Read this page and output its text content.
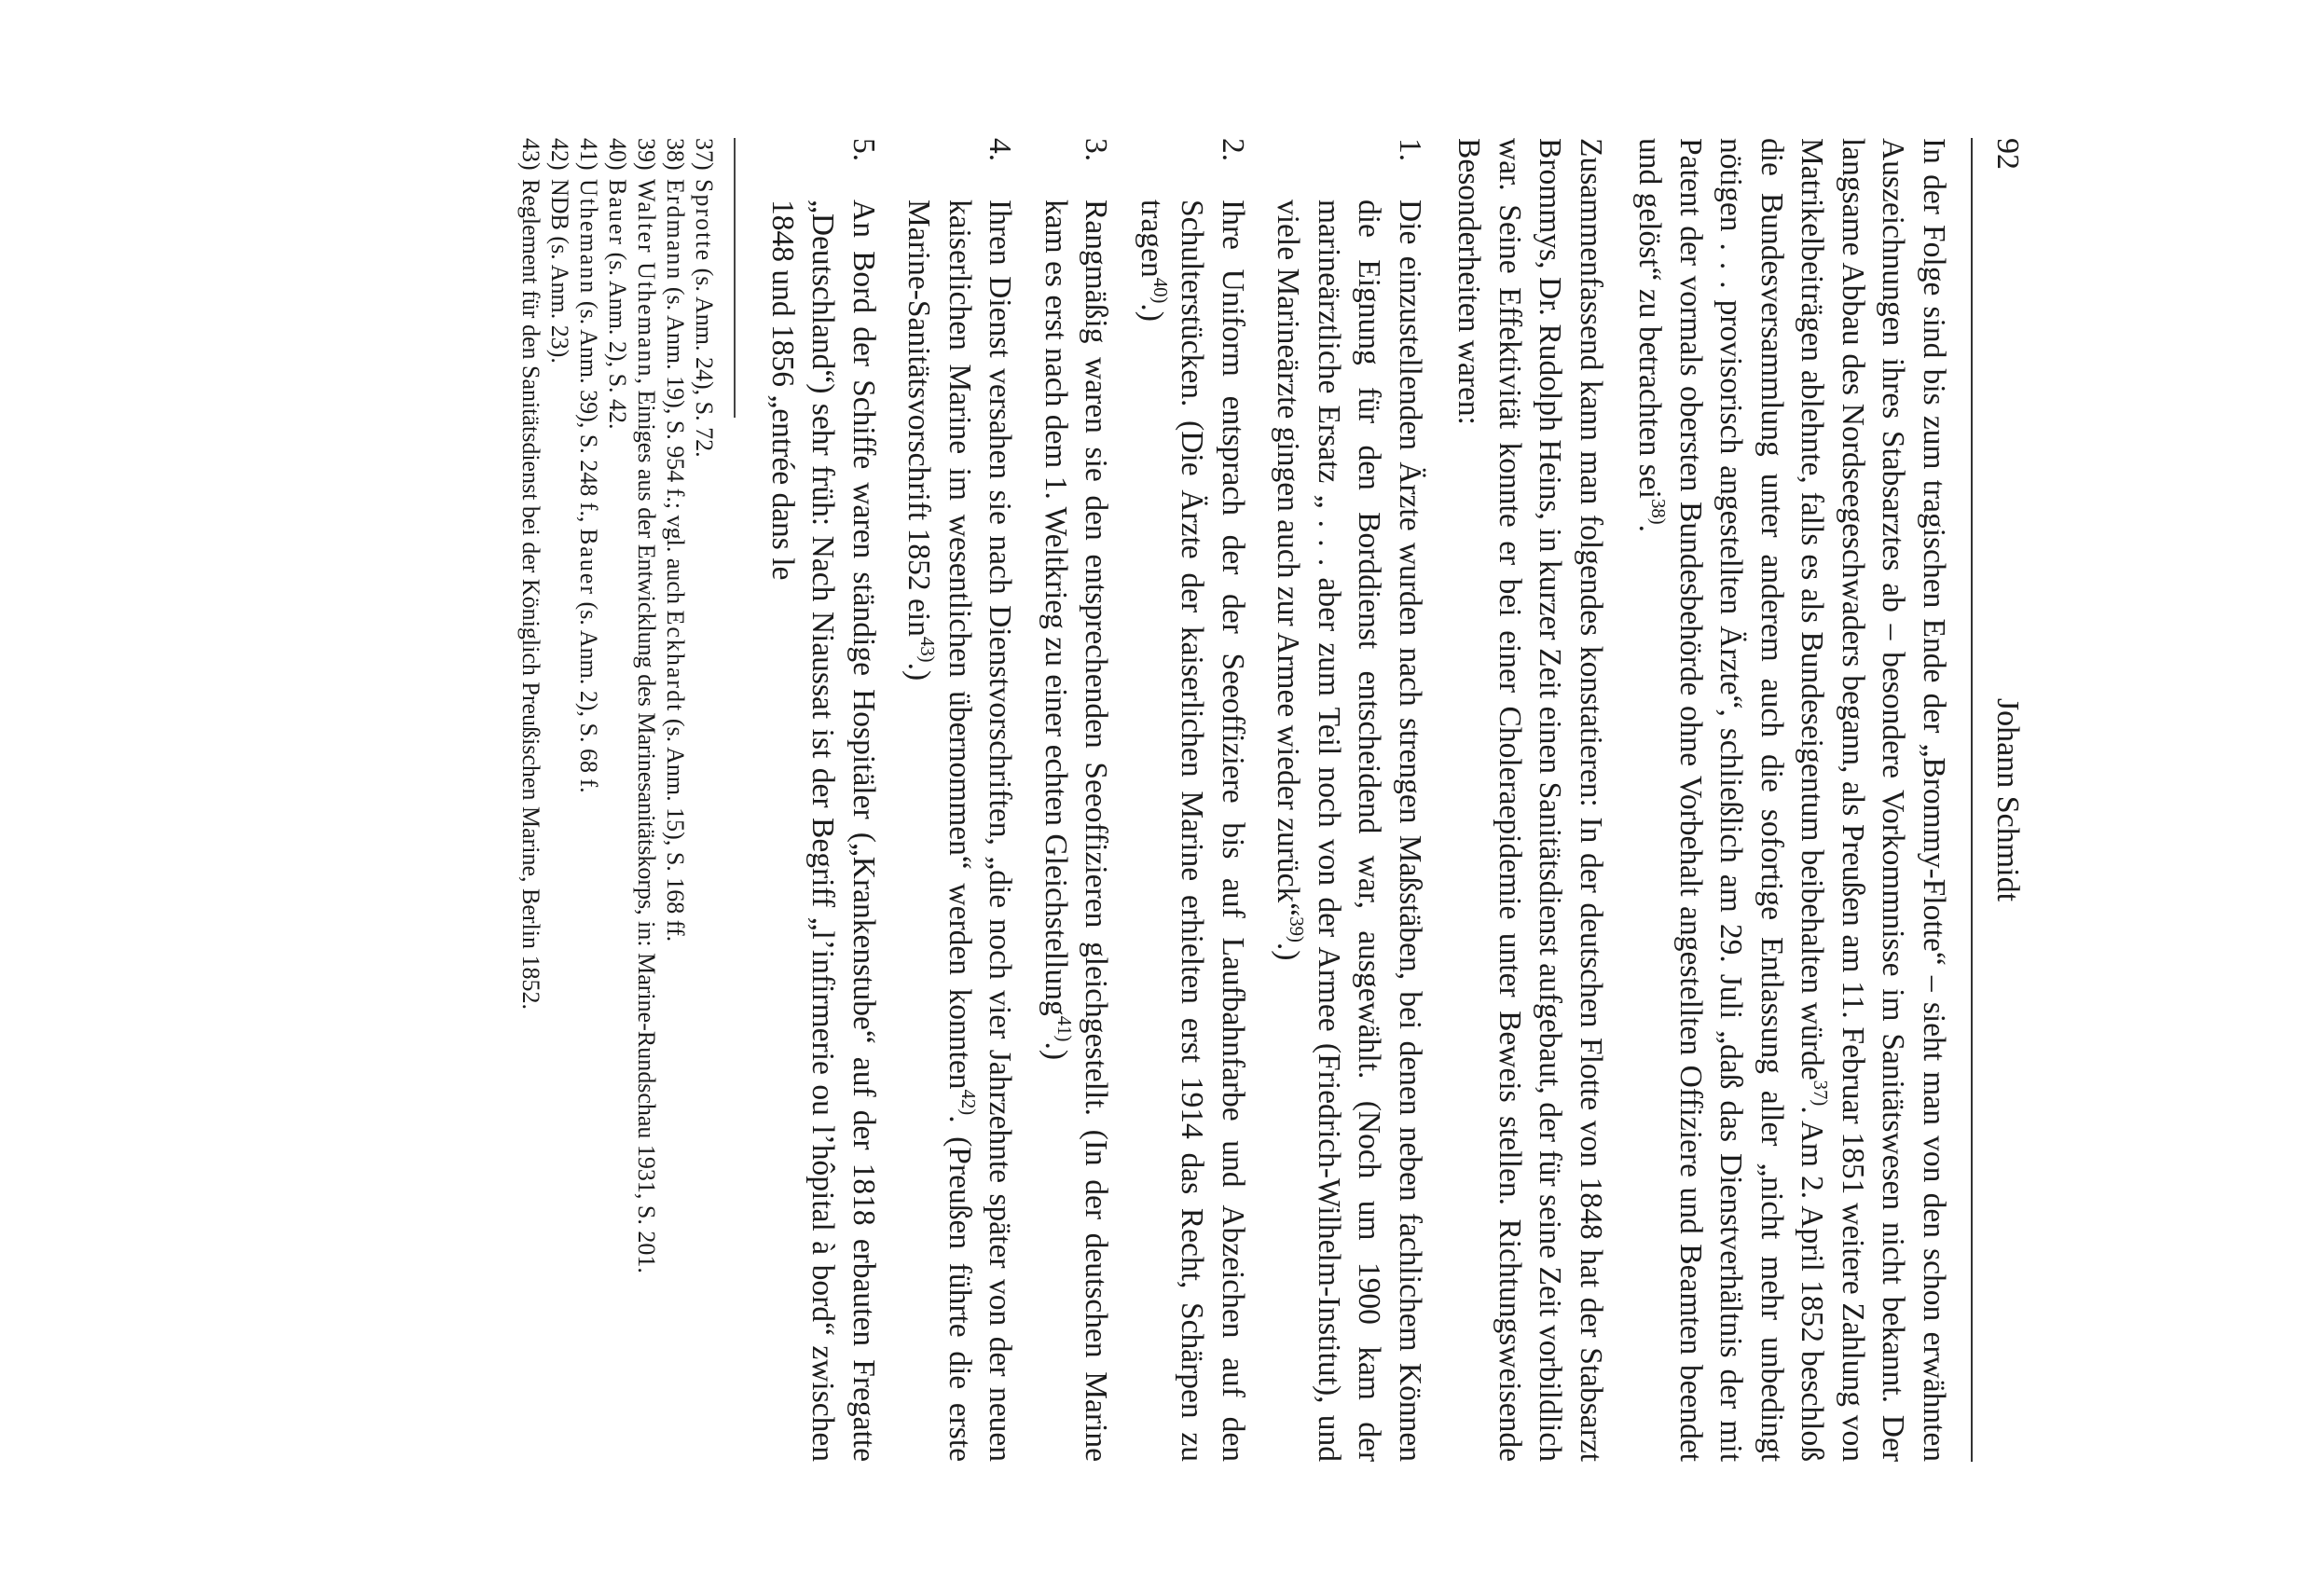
92
Johann Schmidt

In der Folge sind bis zum tragischen Ende der „Brommy-Flotte“ – sieht man von den schon erwähnten Auszeichnungen ihres Stabsarztes ab – besondere Vorkommnisse im Sanitätswesen nicht bekannt. Der langsame Abbau des Nordseegeschwaders begann, als Preußen am 11. Februar 1851 weitere Zahlung von Matrikelbeiträgen ablehnte, falls es als Bundeseigentum beibehalten würde$^{37)}$. Am 2. April 1852 beschloß die Bundesversammlung unter anderem auch die sofortige Entlassung aller „nicht mehr unbedingt nötigen . . . provisorisch angestellten Ärzte“, schließlich am 29. Juli „daß das Dienstverhältnis der mit Patent der vormals obersten Bundesbehörde ohne Vorbehalt angestellten Offiziere und Beamten beendet und gelöst“ zu betrachten sei$^{38)}$.

Zusammenfassend kann man folgendes konstatieren: In der deutschen Flotte von 1848 hat der Stabsarzt Brommys, Dr. Rudolph Heins, in kurzer Zeit einen Sanitätsdienst aufgebaut, der für seine Zeit vorbildlich war. Seine Effektivität konnte er bei einer Choleraepidemie unter Beweis stellen. Richtungsweisende Besonderheiten waren:

1.
Die einzustellenden Ärzte wurden nach strengen Maßstäben, bei denen neben fachlichem Können die Eignung für den Borddienst entscheidend war, ausgewählt. (Noch um 1900 kam der marineärztliche Ersatz „ . . . aber zum Teil noch von der Armee (Friedrich-Wilhelm-Institut), und viele Marineärzte gingen auch zur Armee wieder zurück“$^{39)}$.)
2.
Ihre Uniform entsprach der der Seeoffiziere bis auf Laufbahnfarbe und Abzeichen auf den Schulterstücken. (Die Ärzte der kaiserlichen Marine erhielten erst 1914 das Recht, Schärpen zu tragen$^{40)}$.)
3.
Rangmäßig waren sie den entsprechenden Seeoffizieren gleichgestellt. (In der deutschen Marine kam es erst nach dem 1. Weltkrieg zu einer echten Gleichstellung$^{41)}$.)
4.
Ihren Dienst versahen sie nach Dienstvorschriften, „die noch vier Jahrzehnte später von der neuen kaiserlichen Marine im wesentlichen übernommen“ werden konnten$^{42)}$. (Preußen führte die erste Marine-Sanitätsvorschrift 1852 ein$^{43)}$.)
5.
An Bord der Schiffe waren ständige Hospitäler („Krankenstube“ auf der 1818 erbauten Fregatte „Deutschland“) sehr früh: Nach Niaussat ist der Begriff „l’infirmerie ou l’hôpital à bord“ zwischen 1848 und 1856 „entrée dans le
37)
Sprotte (s. Anm. 24), S. 72.
38)
Erdmann (s. Anm. 19), S. 954 f.; vgl. auch Eckhardt (s. Anm. 15), S. 168 ff.
39)
Walter Uthemann, Einiges aus der Entwicklung des Marinesanitätskorps, in: Marine-Rundschau 1931, S. 201.
40)
Bauer (s. Anm. 2), S. 42.
41)
Uthemann (s. Anm. 39), S. 248 f., Bauer (s. Anm. 2), S. 68 f.
42)
NDB (s. Anm. 23).
43)
Reglement für den Sanitätsdienst bei der Königlich Preußischen Marine, Berlin 1852.
